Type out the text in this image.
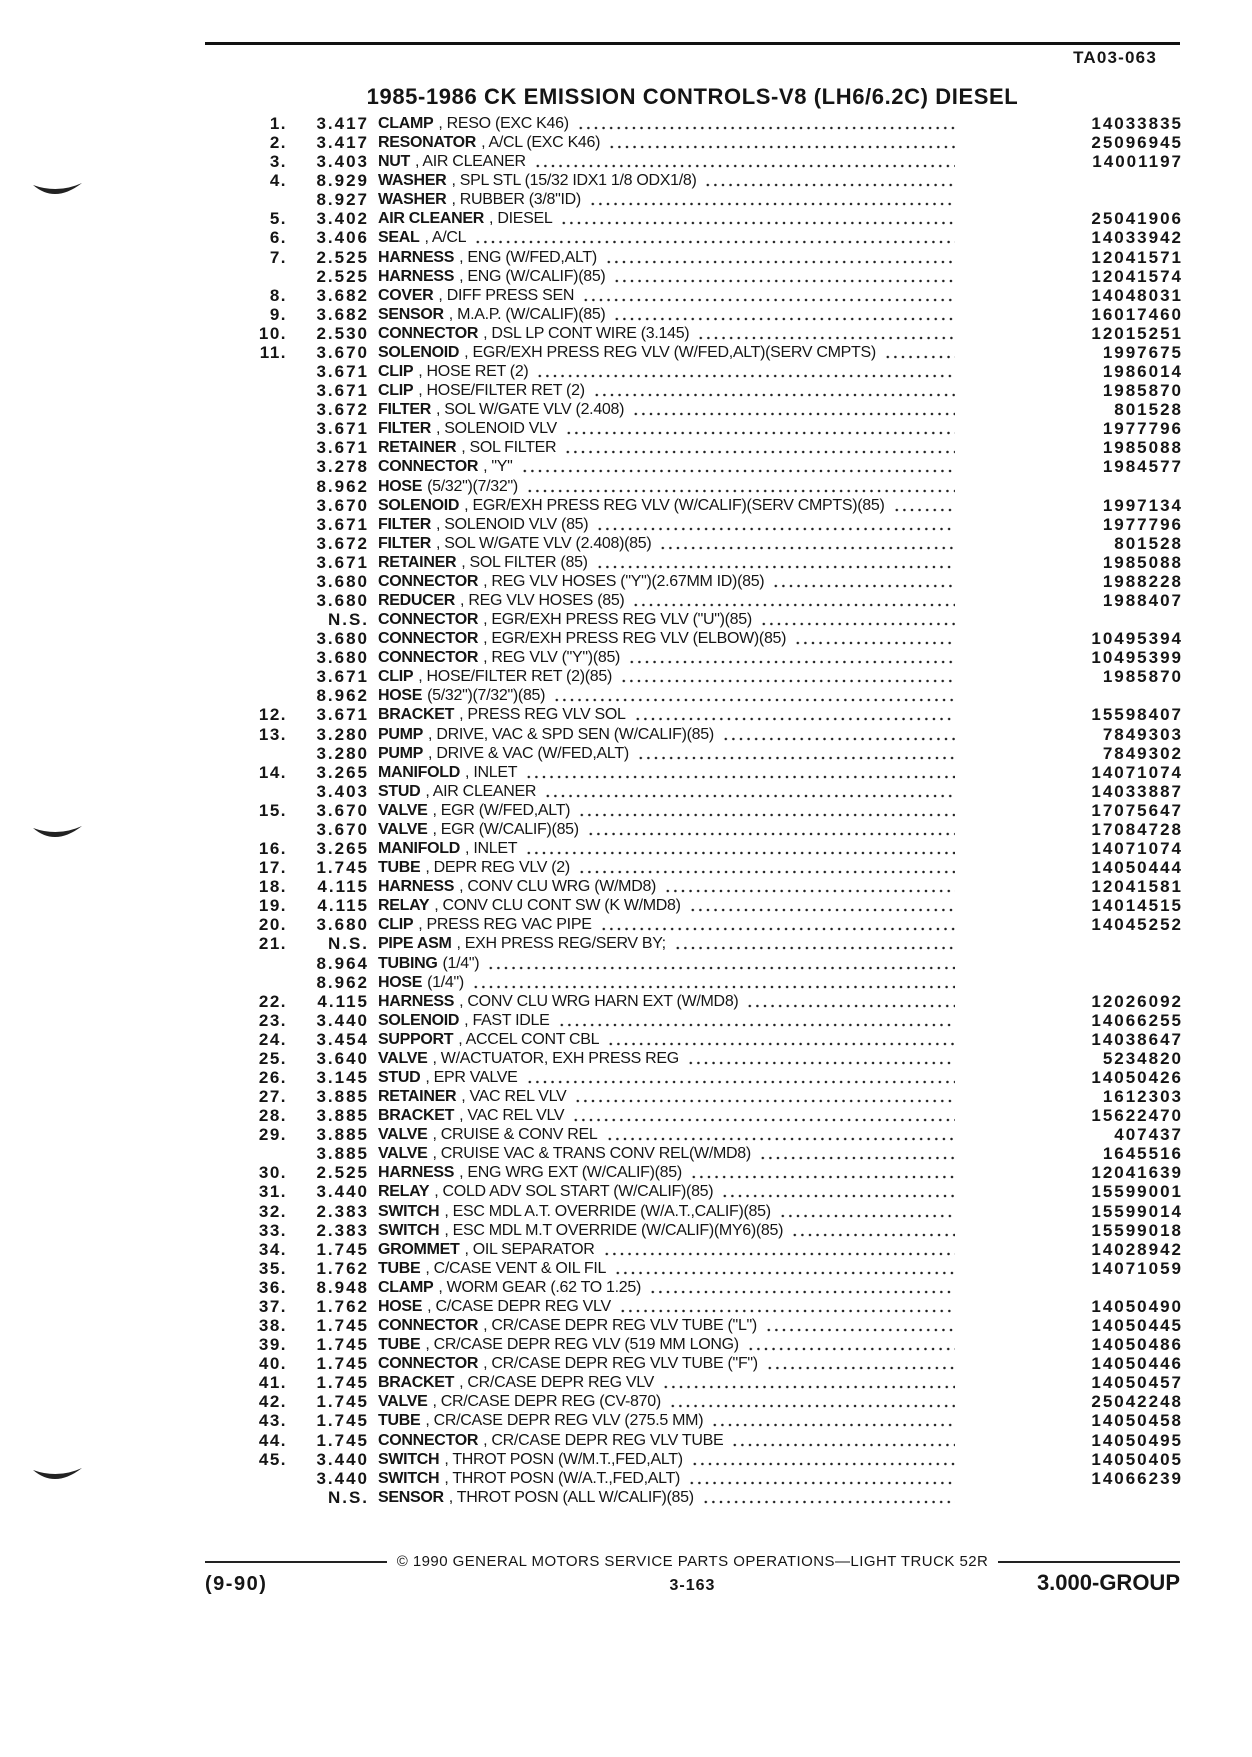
TA03-063
1985-1986 CK EMISSION CONTROLS-V8 (LH6/6.2C) DIESEL
1.	3.417 CLAMP , RESO (EXC K46)	14033835
2.	3.417 RESONATOR , A/CL (EXC K46)	25096945
3.	3.403 NUT , AIR CLEANER	14001197
4.	8.929 WASHER , SPL STL (15/32 IDX1 1/8 ODX1/8)
8.927 WASHER , RUBBER (3/8"ID)
5.	3.402 AIR CLEANER , DIESEL	25041906
6.	3.406 SEAL , A/CL	14033942
7.	2.525 HARNESS , ENG (W/FED,ALT)	12041571
2.525 HARNESS , ENG (W/CALIF)(85)	12041574
8.	3.682 COVER , DIFF PRESS SEN	14048031
9.	3.682 SENSOR , M.A.P. (W/CALIF)(85)	16017460
10.	2.530 CONNECTOR , DSL LP CONT WIRE (3.145)	12015251
11.	3.670 SOLENOID , EGR/EXH PRESS REG VLV (W/FED,ALT)(SERV CMPTS)	1997675
3.671 CLIP , HOSE RET (2)	1986014
3.671 CLIP , HOSE/FILTER RET (2)	1985870
3.672 FILTER , SOL W/GATE VLV (2.408)	801528
3.671 FILTER , SOLENOID VLV	1977796
3.671 RETAINER , SOL FILTER	1985088
3.278 CONNECTOR , "Y"	1984577
8.962 HOSE (5/32")(7/32")
3.670 SOLENOID , EGR/EXH PRESS REG VLV (W/CALIF)(SERV CMPTS)(85)	1997134
3.671 FILTER , SOLENOID VLV (85)	1977796
3.672 FILTER , SOL W/GATE VLV (2.408)(85)	801528
3.671 RETAINER , SOL FILTER (85)	1985088
3.680 CONNECTOR , REG VLV HOSES ("Y")(2.67MM ID)(85)	1988228
3.680 REDUCER , REG VLV HOSES (85)	1988407
N.S. CONNECTOR , EGR/EXH PRESS REG VLV ("U")(85)
3.680 CONNECTOR , EGR/EXH PRESS REG VLV (ELBOW)(85)	10495394
3.680 CONNECTOR , REG VLV ("Y")(85)	10495399
3.671 CLIP , HOSE/FILTER RET (2)(85)	1985870
8.962 HOSE (5/32")(7/32")(85)
12.	3.671 BRACKET , PRESS REG VLV SOL	15598407
13.	3.280 PUMP , DRIVE, VAC & SPD SEN (W/CALIF)(85)	7849303
3.280 PUMP , DRIVE & VAC (W/FED,ALT)	7849302
14.	3.265 MANIFOLD , INLET	14071074
3.403 STUD , AIR CLEANER	14033887
15.	3.670 VALVE , EGR (W/FED,ALT)	17075647
3.670 VALVE , EGR (W/CALIF)(85)	17084728
16.	3.265 MANIFOLD , INLET	14071074
17.	1.745 TUBE , DEPR REG VLV (2)	14050444
18.	4.115 HARNESS , CONV CLU WRG (W/MD8)	12041581
19.	4.115 RELAY , CONV CLU CONT SW (K W/MD8)	14014515
20.	3.680 CLIP , PRESS REG VAC PIPE	14045252
21.	N.S. PIPE ASM , EXH PRESS REG/SERV BY;
8.964 TUBING (1/4")
8.962 HOSE (1/4")
22.	4.115 HARNESS , CONV CLU WRG HARN EXT (W/MD8)	12026092
23.	3.440 SOLENOID , FAST IDLE	14066255
24.	3.454 SUPPORT , ACCEL CONT CBL	14038647
25.	3.640 VALVE , W/ACTUATOR, EXH PRESS REG	5234820
26.	3.145 STUD , EPR VALVE	14050426
27.	3.885 RETAINER , VAC REL VLV	1612303
28.	3.885 BRACKET , VAC REL VLV	15622470
29.	3.885 VALVE , CRUISE & CONV REL	407437
3.885 VALVE , CRUISE VAC & TRANS CONV REL(W/MD8)	1645516
30.	2.525 HARNESS , ENG WRG EXT (W/CALIF)(85)	12041639
31.	3.440 RELAY , COLD ADV SOL START (W/CALIF)(85)	15599001
32.	2.383 SWITCH , ESC MDL A.T. OVERRIDE (W/A.T.,CALIF)(85)	15599014
33.	2.383 SWITCH , ESC MDL M.T OVERRIDE (W/CALIF)(MY6)(85)	15599018
34.	1.745 GROMMET , OIL SEPARATOR	14028942
35.	1.762 TUBE , C/CASE VENT & OIL FIL	14071059
36.	8.948 CLAMP , WORM GEAR (.62 TO 1.25)
37.	1.762 HOSE , C/CASE DEPR REG VLV	14050490
38.	1.745 CONNECTOR , CR/CASE DEPR REG VLV TUBE ("L")	14050445
39.	1.745 TUBE , CR/CASE DEPR REG VLV (519 MM LONG)	14050486
40.	1.745 CONNECTOR , CR/CASE DEPR REG VLV TUBE ("F")	14050446
41.	1.745 BRACKET , CR/CASE DEPR REG VLV	14050457
42.	1.745 VALVE , CR/CASE DEPR REG (CV-870)	25042248
43.	1.745 TUBE , CR/CASE DEPR REG VLV (275.5 MM)	14050458
44.	1.745 CONNECTOR , CR/CASE DEPR REG VLV TUBE	14050495
45.	3.440 SWITCH , THROT POSN (W/M.T.,FED,ALT)	14050405
3.440 SWITCH , THROT POSN (W/A.T.,FED,ALT)	14066239
N.S. SENSOR , THROT POSN (ALL W/CALIF)(85)
© 1990 GENERAL MOTORS SERVICE PARTS OPERATIONS—LIGHT TRUCK 52R
(9-90)	3-163	3.000-GROUP
